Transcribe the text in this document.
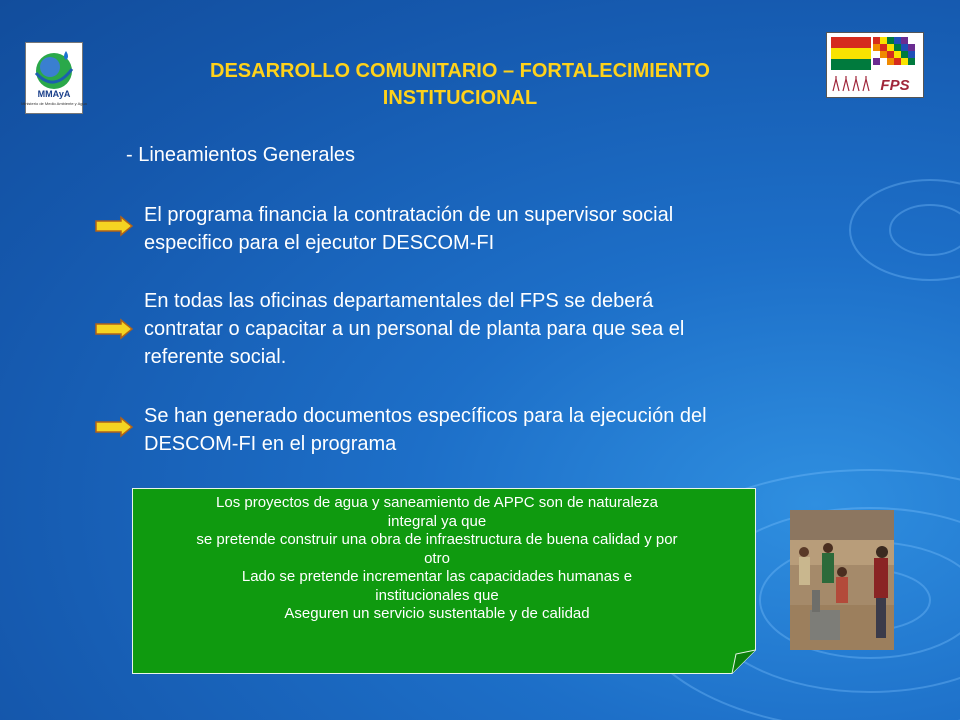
MMAyA
Ministerio de Medio Ambiente y Agua
FPS
DESARROLLO COMUNITARIO – FORTALECIMIENTO
INSTITUCIONAL
- Lineamientos Generales
El programa financia la contratación de un supervisor social
especifico para el ejecutor DESCOM-FI
En todas las oficinas departamentales del FPS se deberá
contratar o capacitar a un personal de planta para que sea el
referente social.
Se han generado documentos específicos para la ejecución del
DESCOM-FI en el programa
Los proyectos de agua y saneamiento de APPC son de naturaleza
integral ya que
se pretende construir una obra de infraestructura de buena calidad y por
otro
Lado se pretende incrementar las capacidades humanas e
institucionales que
Aseguren un servicio sustentable y de calidad
